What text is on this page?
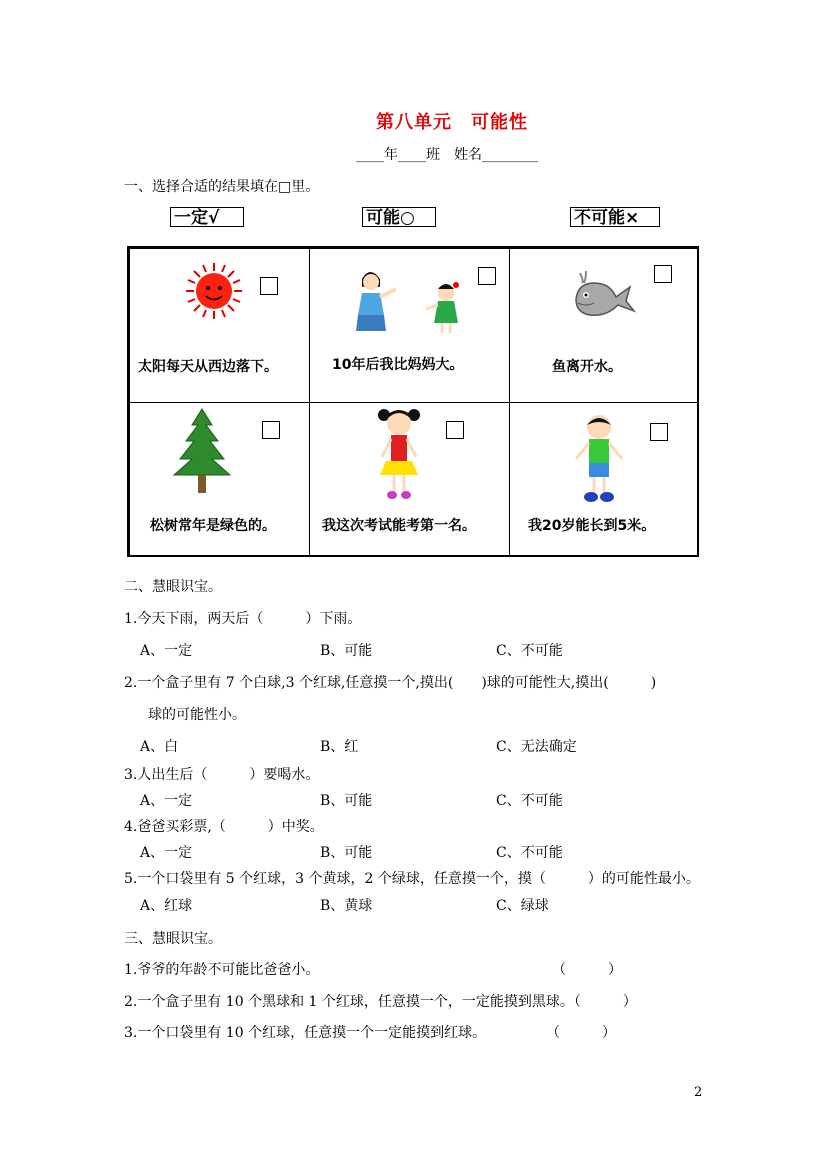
第八单元　可能性
____年____班　姓名________
一、选择合适的结果填在□里。
一定√	可能○	不可能×
太阳每天从西边落下。	10年后我比妈妈大。	鱼离开水。
松树常年是绿色的。	我这次考试能考第一名。	我20岁能长到5米。
二、慧眼识宝。
1.今天下雨，两天后（　　　）下雨。
A、一定	B、可能	C、不可能
2.一个盒子里有 7 个白球,3 个红球,任意摸一个,摸出(　　)球的可能性大,摸出(　　　)
球的可能性小。
A、白	B、红	C、无法确定
3.人出生后（　　　）要喝水。
A、一定	B、可能	C、不可能
4.爸爸买彩票,（　　　）中奖。
A、一定	B、可能	C、不可能
5.一个口袋里有 5 个红球，3 个黄球，2 个绿球，任意摸一个，摸（　　　）的可能性最小。
A、红球	B、黄球	C、绿球
三、慧眼识宝。
1.爷爷的年龄不可能比爸爸小。	（　　　）
2.一个盒子里有 10 个黑球和 1 个红球，任意摸一个，一定能摸到黑球。（　　　）
3.一个口袋里有 10 个红球，任意摸一个一定能摸到红球。	（　　　）
2
